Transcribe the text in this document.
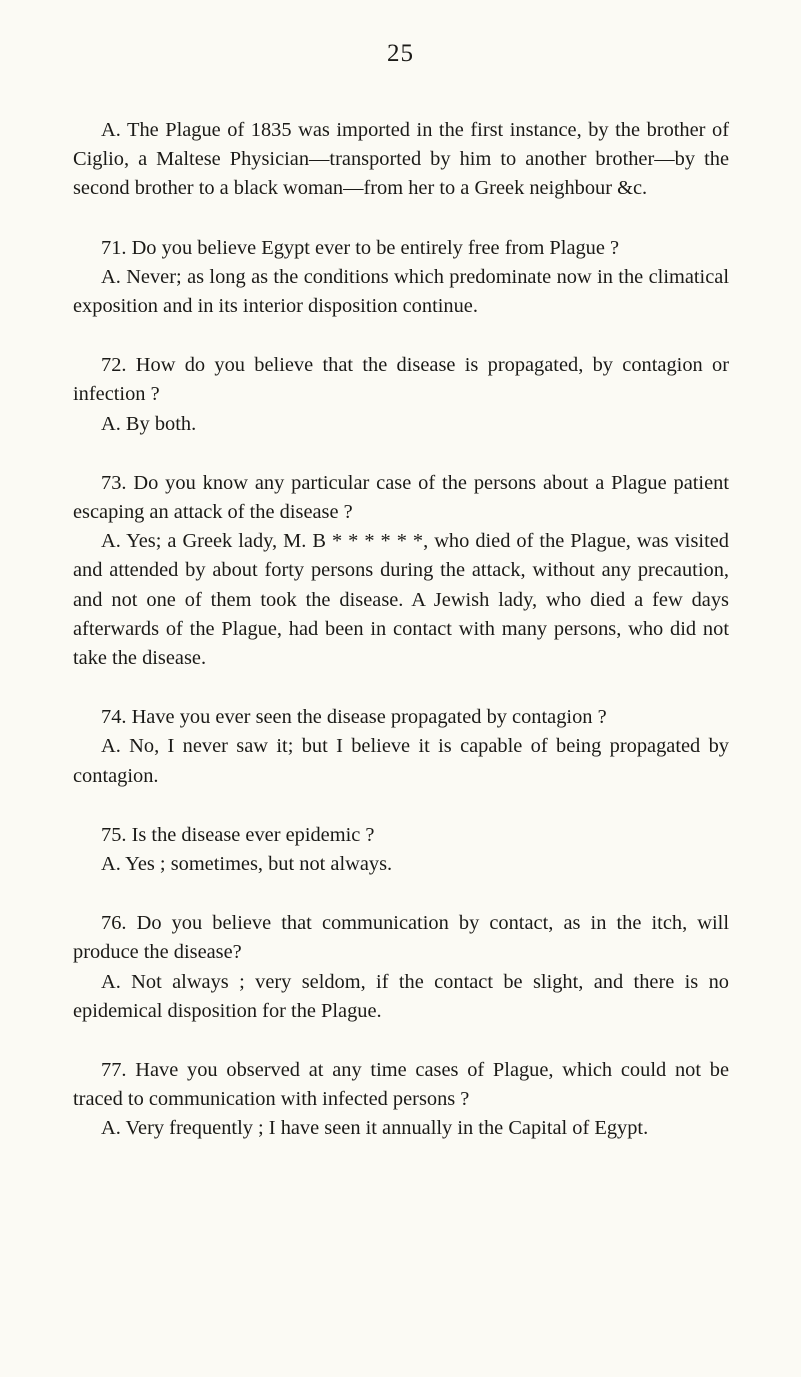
25

A. The Plague of 1835 was imported in the first instance, by the brother of Ciglio, a Maltese Physician—transported by him to another brother—by the second brother to a black woman—from her to a Greek neighbour &c.

71. Do you believe Egypt ever to be entirely free from Plague ?

A. Never; as long as the conditions which predominate now in the climatical exposition and in its interior disposition continue.

72. How do you believe that the disease is propagated, by contagion or infection ?

A. By both.

73. Do you know any particular case of the persons about a Plague patient escaping an attack of the disease ?

A. Yes; a Greek lady, M. B * * * * * *, who died of the Plague, was visited and attended by about forty persons during the attack, without any precaution, and not one of them took the disease. A Jewish lady, who died a few days afterwards of the Plague, had been in contact with many persons, who did not take the disease.

74. Have you ever seen the disease propagated by contagion ?

A. No, I never saw it; but I believe it is capable of being propagated by contagion.

75. Is the disease ever epidemic ?

A. Yes ; sometimes, but not always.

76. Do you believe that communication by contact, as in the itch, will produce the disease?

A. Not always ; very seldom, if the contact be slight, and there is no epidemical disposition for the Plague.

77. Have you observed at any time cases of Plague, which could not be traced to communication with infected persons ?

A. Very frequently ; I have seen it annually in the Capital of Egypt.
